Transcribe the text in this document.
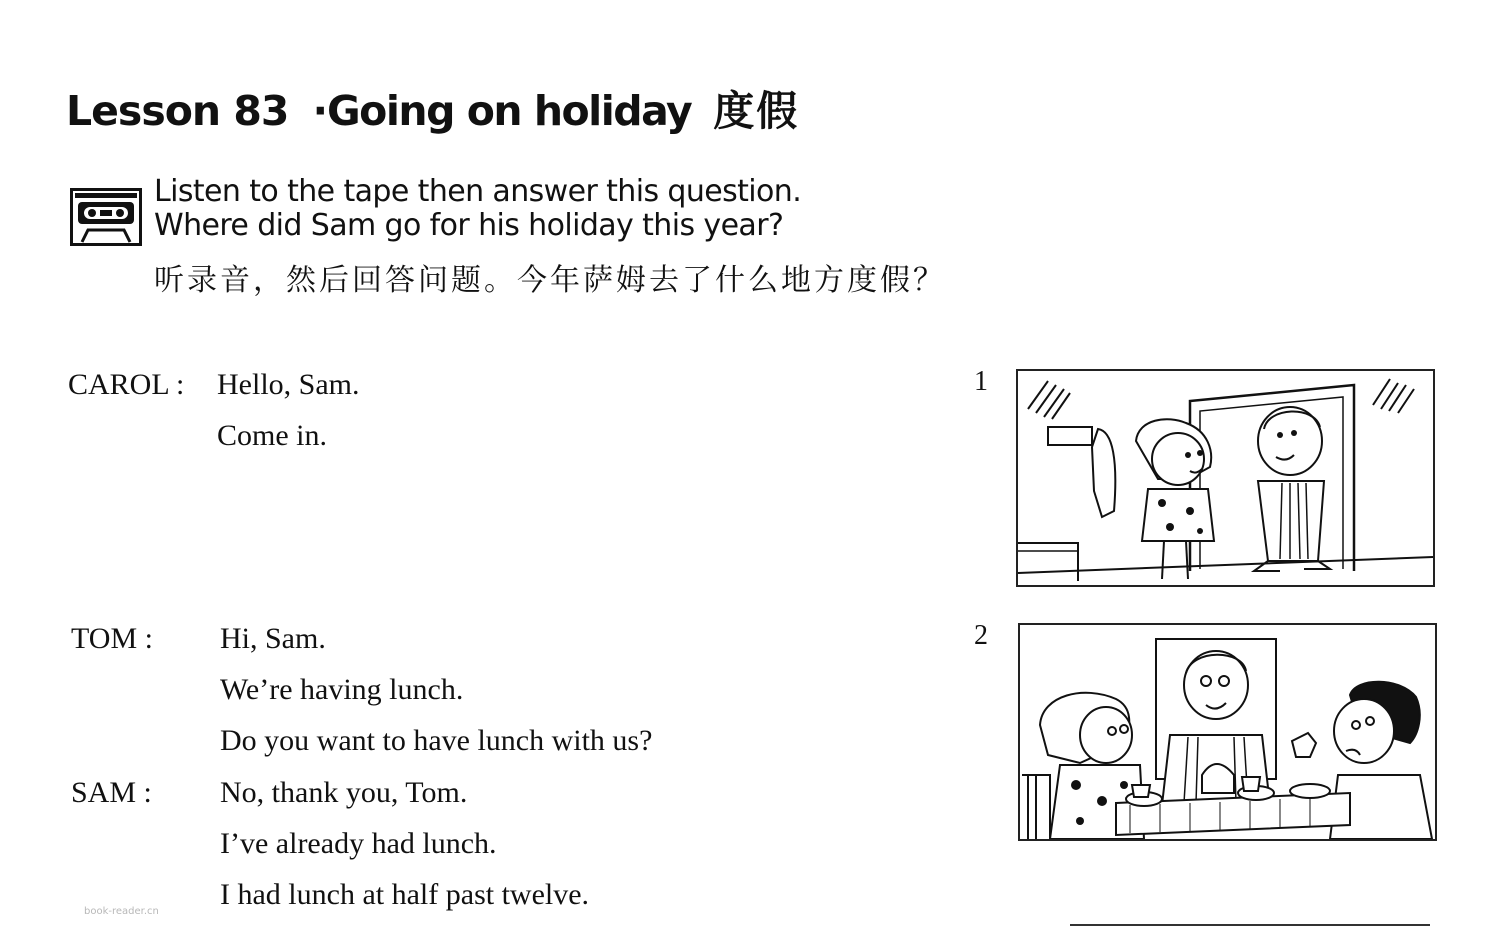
Lesson 83 ·Going on holiday 度假
Listen to the tape then answer this question.
Where did Sam go for his holiday this year?
听录音，然后回答问题。今年萨姆去了什么地方度假？
CAROL : Hello, Sam.
Come in.
TOM : Hi, Sam.
We’re having lunch.
Do you want to have lunch with us?
SAM : No, thank you, Tom.
I’ve already had lunch.
I had lunch at half past twelve.
1
2
book-reader.cn
